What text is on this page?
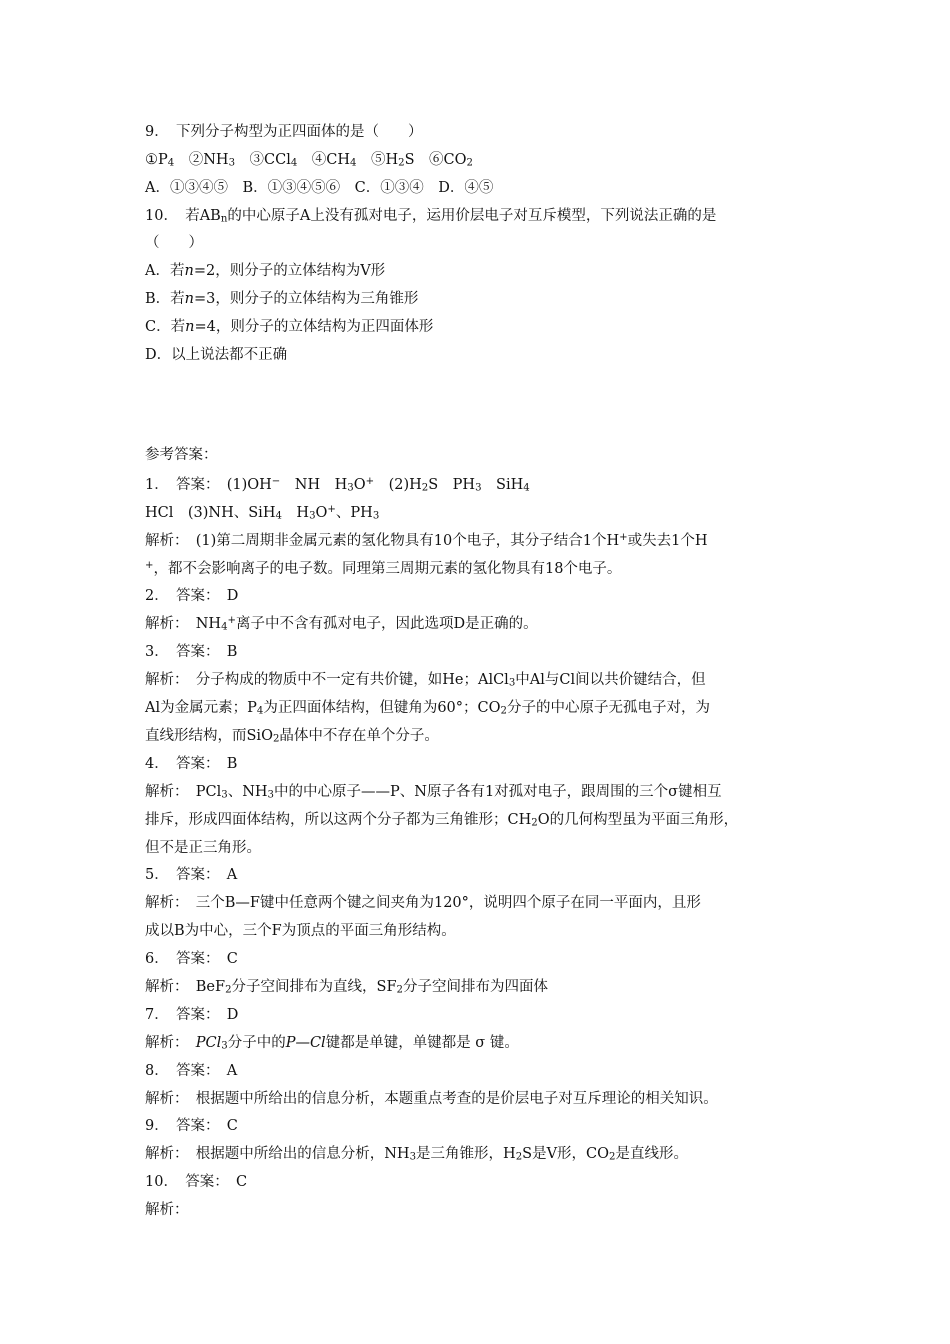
9．　下列分子构型为正四面体的是（　　）
$①P_4$　$②NH_3$　③CCl$_4$　$④CH_4$　$⑤H_2S$　$⑥CO_2$
A．①③④⑤　B．①③④⑤⑥　C．①③④　D．④⑤
10．　若$AB_n$的中心原子A上没有孤对电子，运用价层电子对互斥模型，下列说法正确的是
（　　）
A．若n=2，则分子的立体结构为V形
B．若n=3，则分子的立体结构为三角锥形
C．若n=4，则分子的立体结构为正四面体形
D．以上说法都不正确
参考答案：
1．　答案：　(1)OH−　NH　$H_3O^+$　$(2)H_2S$　$PH_3$　SiH$_4$
HCl　(3)NH、SiH$_4$　$H_3O^+$、$PH_3$
解析：　(1)第二周期非金属元素的氢化物具有10个电子，其分子结合1个H+或失去1个H
+，都不会影响离子的电子数。同理第三周期元素的氢化物具有18个电子。
2．　答案：　D
解析：　$NH_4^+$离子中不含有孤对电子，因此选项D是正确的。
3．　答案：　B
解析：　分子构成的物质中不一定有共价键，如He；AlCl$_3$中Al与Cl间以共价键结合，但
Al为金属元素；$P_4$为正四面体结构，但键角为60°；$CO_2$分子的中心原子无孤电子对，为
直线形结构，而SiO$_2$晶体中不存在单个分子。
4．　答案：　B
解析：　PCl$_3$、$NH_3$中的中心原子——P、N原子各有1对孤对电子，跟周围的三个σ键相互
排斥，形成四面体结构，所以这两个分子都为三角锥形；$CH_2O$的几何构型虽为平面三角形，
但不是正三角形。
5．　答案：　A
解析：　三个B—F键中任意两个键之间夹角为120°，说明四个原子在同一平面内，且形
成以B为中心，三个F为顶点的平面三角形结构。
6．　答案：　C
解析：　BeF$_2$分子空间排布为直线，$SF_2$分子空间排布为四面体
7．　答案：　D
解析：　PCl$_3$分子中的P—Cl键都是单键，单键都是 σ 键。
8．　答案：　A
解析：　根据题中所给出的信息分析，本题重点考查的是价层电子对互斥理论的相关知识。
9．　答案：　C
解析：　根据题中所给出的信息分析，$NH_3$是三角锥形，$H_2S$是V形，$CO_2$是直线形。
10．　答案：　C
解析：
